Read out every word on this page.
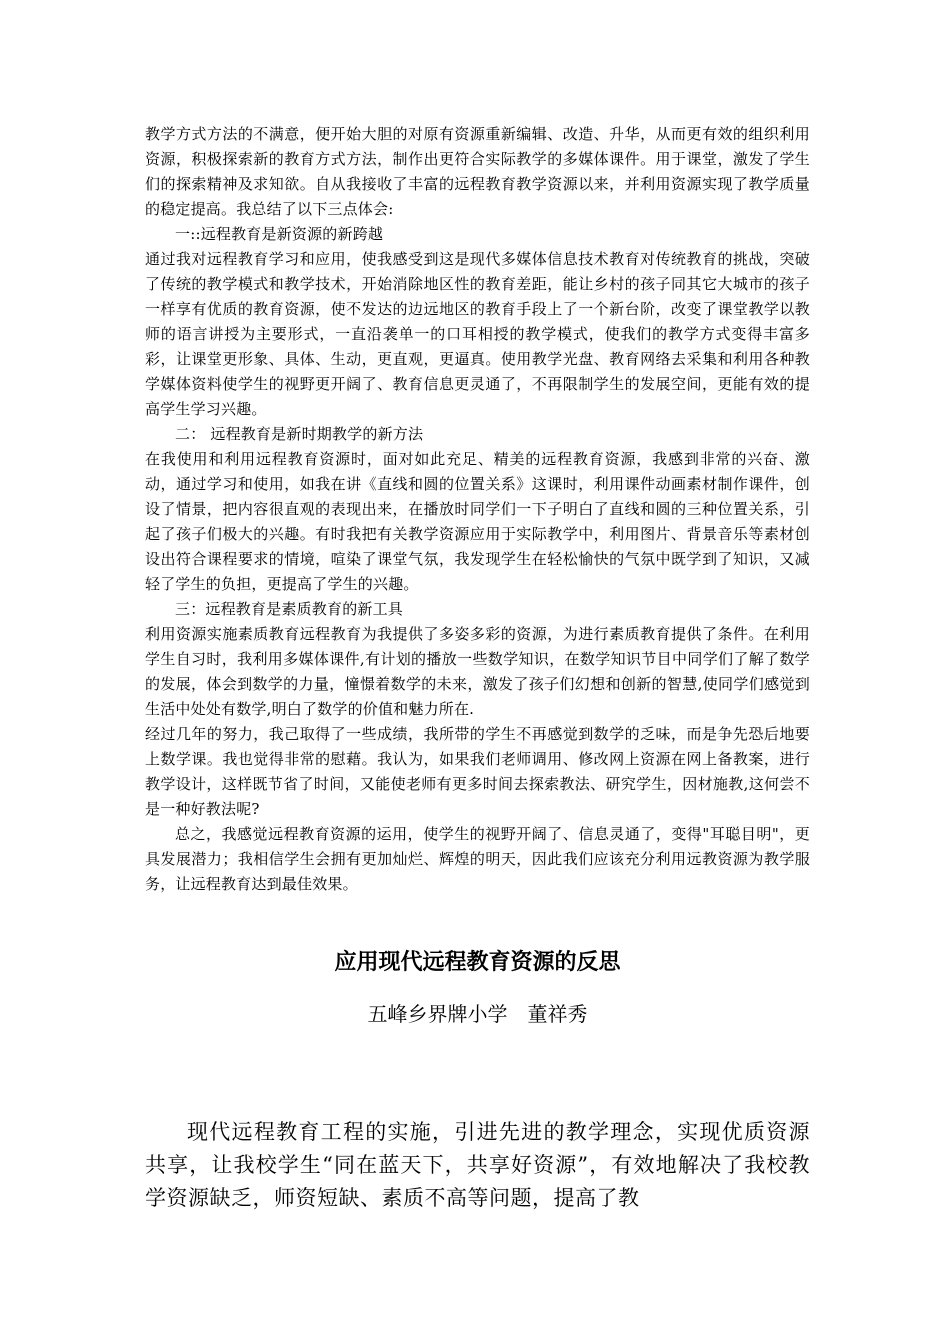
教学方式方法的不满意，便开始大胆的对原有资源重新编辑、改造、升华，从而更有效的组织利用资源，积极探索新的教育方式方法，制作出更符合实际教学的多媒体课件。用于课堂，激发了学生们的探索精神及求知欲。自从我接收了丰富的远程教育教学资源以来，并利用资源实现了教学质量的稳定提高。我总结了以下三点体会:

一::远程教育是新资源的新跨越

通过我对远程教育学习和应用，使我感受到这是现代多媒体信息技术教育对传统教育的挑战，突破了传统的教学模式和教学技术，开始消除地区性的教育差距，能让乡村的孩子同其它大城市的孩子一样享有优质的教育资源，使不发达的边远地区的教育手段上了一个新台阶，改变了课堂教学以教师的语言讲授为主要形式，一直沿袭单一的口耳相授的教学模式，使我们的教学方式变得丰富多彩，让课堂更形象、具体、生动，更直观，更逼真。使用教学光盘、教育网络去采集和利用各种教学媒体资料使学生的视野更开阔了、教育信息更灵通了，不再限制学生的发展空间，更能有效的提高学生学习兴趣。

二： 远程教育是新时期教学的新方法

在我使用和利用远程教育资源时，面对如此充足、精美的远程教育资源，我感到非常的兴奋、激动，通过学习和使用，如我在讲《直线和圆的位置关系》这课时，利用课件动画素材制作课件，创设了情景，把内容很直观的表现出来，在播放时同学们一下子明白了直线和圆的三种位置关系，引起了孩子们极大的兴趣。有时我把有关教学资源应用于实际教学中，利用图片、背景音乐等素材创设出符合课程要求的情境，喧染了课堂气氛，我发现学生在轻松愉快的气氛中既学到了知识，又减轻了学生的负担，更提高了学生的兴趣。

三：远程教育是素质教育的新工具

利用资源实施素质教育远程教育为我提供了多姿多彩的资源，为进行素质教育提供了条件。在利用学生自习时，我利用多媒体课件,有计划的播放一些数学知识，在数学知识节目中同学们了解了数学的发展，体会到数学的力量，憧憬着数学的未来，激发了孩子们幻想和创新的智慧,使同学们感觉到生活中处处有数学,明白了数学的价值和魅力所在.

经过几年的努力，我己取得了一些成绩，我所带的学生不再感觉到数学的乏味，而是争先恐后地要上数学课。我也觉得非常的慰藉。我认为，如果我们老师调用、修改网上资源在网上备教案，进行教学设计，这样既节省了时间，又能使老师有更多时间去探索教法、研究学生，因材施教,这何尝不是一种好教法呢?

总之，我感觉远程教育资源的运用，使学生的视野开阔了、信息灵通了，变得"耳聪目明"，更具发展潜力；我相信学生会拥有更加灿烂、辉煌的明天，因此我们应该充分利用远教资源为教学服务，让远程教育达到最佳效果。

应用现代远程教育资源的反思
五峰乡界牌小学　董祥秀

现代远程教育工程的实施，引进先进的教学理念，实现优质资源共享，让我校学生“同在蓝天下，共享好资源”，有效地解决了我校教学资源缺乏，师资短缺、素质不高等问题，提高了教
